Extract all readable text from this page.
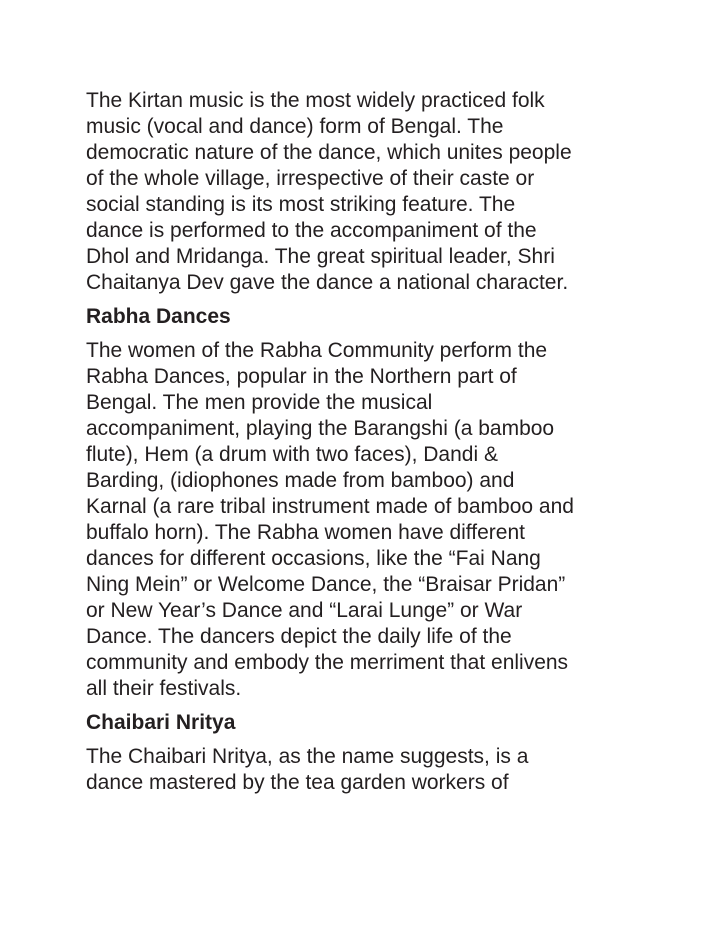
The Kirtan music is the most widely practiced folk
music (vocal and dance) form of Bengal. The
democratic nature of the dance, which unites people
of the whole village, irrespective of their caste or
social standing is its most striking feature. The
dance is performed to the accompaniment of the
Dhol and Mridanga. The great spiritual leader, Shri
Chaitanya Dev gave the dance a national character.
Rabha Dances
The women of the Rabha Community perform the
Rabha Dances, popular in the Northern part of
Bengal. The men provide the musical
accompaniment, playing the Barangshi (a bamboo
flute), Hem (a drum with two faces), Dandi &
Barding, (idiophones made from bamboo) and
Karnal (a rare tribal instrument made of bamboo and
buffalo horn). The Rabha women have different
dances for different occasions, like the “Fai Nang
Ning Mein” or Welcome Dance, the “Braisar Pridan”
or New Year’s Dance and “Larai Lunge” or War
Dance. The dancers depict the daily life of the
community and embody the merriment that enlivens
all their festivals.
Chaibari Nritya
The Chaibari Nritya, as the name suggests, is a
dance mastered by the tea garden workers of
